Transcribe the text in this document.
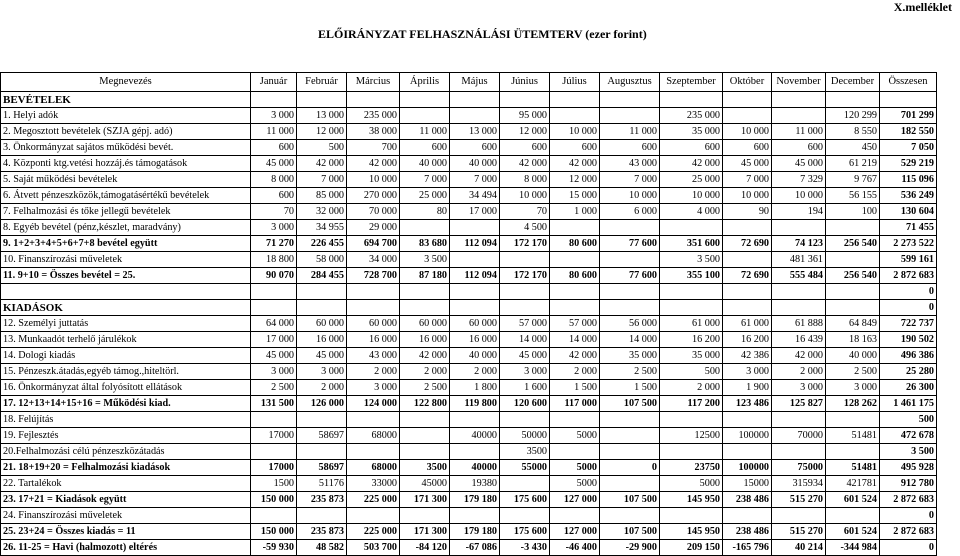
X.melléklet
ELŐIRÁNYZAT FELHASZNÁLÁSI ÜTEMTERV (ezer forint)
Megnevezés	Január	Február	Március	Április	Május	Június	Július	Augusztus	Szeptember	Október	November	December	Összesen
BEVÉTELEK													
1. Helyi adók	3 000	13 000	235 000			95 000			235 000			120 299	701 299
2. Megosztott bevételek (SZJA gépj. adó)	11 000	12 000	38 000	11 000	13 000	12 000	10 000	11 000	35 000	10 000	11 000	8 550	182 550
3. Önkormányzat sajátos működési bevét.	600	500	700	600	600	600	600	600	600	600	600	450	7 050
4. Központi ktg.vetési hozzáj.és támogatások	45 000	42 000	42 000	40 000	40 000	42 000	42 000	43 000	42 000	45 000	45 000	61 219	529 219
5. Saját működési bevételek	8 000	7 000	10 000	7 000	7 000	8 000	12 000	7 000	25 000	7 000	7 329	9 767	115 096
6. Átvett pénzeszközök,támogatásértékű bevételek	600	85 000	270 000	25 000	34 494	10 000	15 000	10 000	10 000	10 000	10 000	56 155	536 249
7. Felhalmozási és tőke jellegű bevételek	70	32 000	70 000	80	17 000	70	1 000	6 000	4 000	90	194	100	130 604
8. Egyéb bevétel (pénz,készlet, maradvány)	3 000	34 955	29 000			4 500							71 455
9. 1+2+3+4+5+6+7+8 bevétel együtt	71 270	226 455	694 700	83 680	112 094	172 170	80 600	77 600	351 600	72 690	74 123	256 540	2 273 522
10. Finanszírozási műveletek	18 800	58 000	34 000	3 500					3 500		481 361		599 161
11. 9+10 = Összes bevétel = 25.	90 070	284 455	728 700	87 180	112 094	172 170	80 600	77 600	355 100	72 690	555 484	256 540	2 872 683
													0
KIADÁSOK													0
12. Személyi juttatás	64 000	60 000	60 000	60 000	60 000	57 000	57 000	56 000	61 000	61 000	61 888	64 849	722 737
13. Munkaadót terhelő járulékok	17 000	16 000	16 000	16 000	16 000	14 000	14 000	14 000	16 200	16 200	16 439	18 163	190 502
14. Dologi kiadás	45 000	45 000	43 000	42 000	40 000	45 000	42 000	35 000	35 000	42 386	42 000	40 000	496 386
15. Pénzeszk.átadás,egyéb támog.,hiteltörl.	3 000	3 000	2 000	2 000	2 000	3 000	2 000	2 500	500	3 000	2 000	2 500	25 280
16. Önkormányzat által folyósított ellátások	2 500	2 000	3 000	2 500	1 800	1 600	1 500	1 500	2 000	1 900	3 000	3 000	26 300
17. 12+13+14+15+16 = Működési kiad.	131 500	126 000	124 000	122 800	119 800	120 600	117 000	107 500	117 200	123 486	125 827	128 262	1 461 175
18. Felújítás													500
19. Fejlesztés	17000	58697	68000		40000	50000	5000		12500	100000	70000	51481	472 678
20.Felhalmozási célú pénzeszközátadás						3500							3 500
21. 18+19+20 = Felhalmozási kiadások	17000	58697	68000	3500	40000	55000	5000	0	23750	100000	75000	51481	495 928
22. Tartalékok	1500	51176	33000	45000	19380		5000		5000	15000	315934	421781	912 780
23. 17+21 = Kiadások együtt	150 000	235 873	225 000	171 300	179 180	175 600	127 000	107 500	145 950	238 486	515 270	601 524	2 872 683
24. Finanszírozási műveletek													0
25. 23+24 = Összes kiadás = 11	150 000	235 873	225 000	171 300	179 180	175 600	127 000	107 500	145 950	238 486	515 270	601 524	2 872 683
26. 11-25 = Havi (halmozott) eltérés	-59 930	48 582	503 700	-84 120	-67 086	-3 430	-46 400	-29 900	209 150	-165 796	40 214	-344 984	0
